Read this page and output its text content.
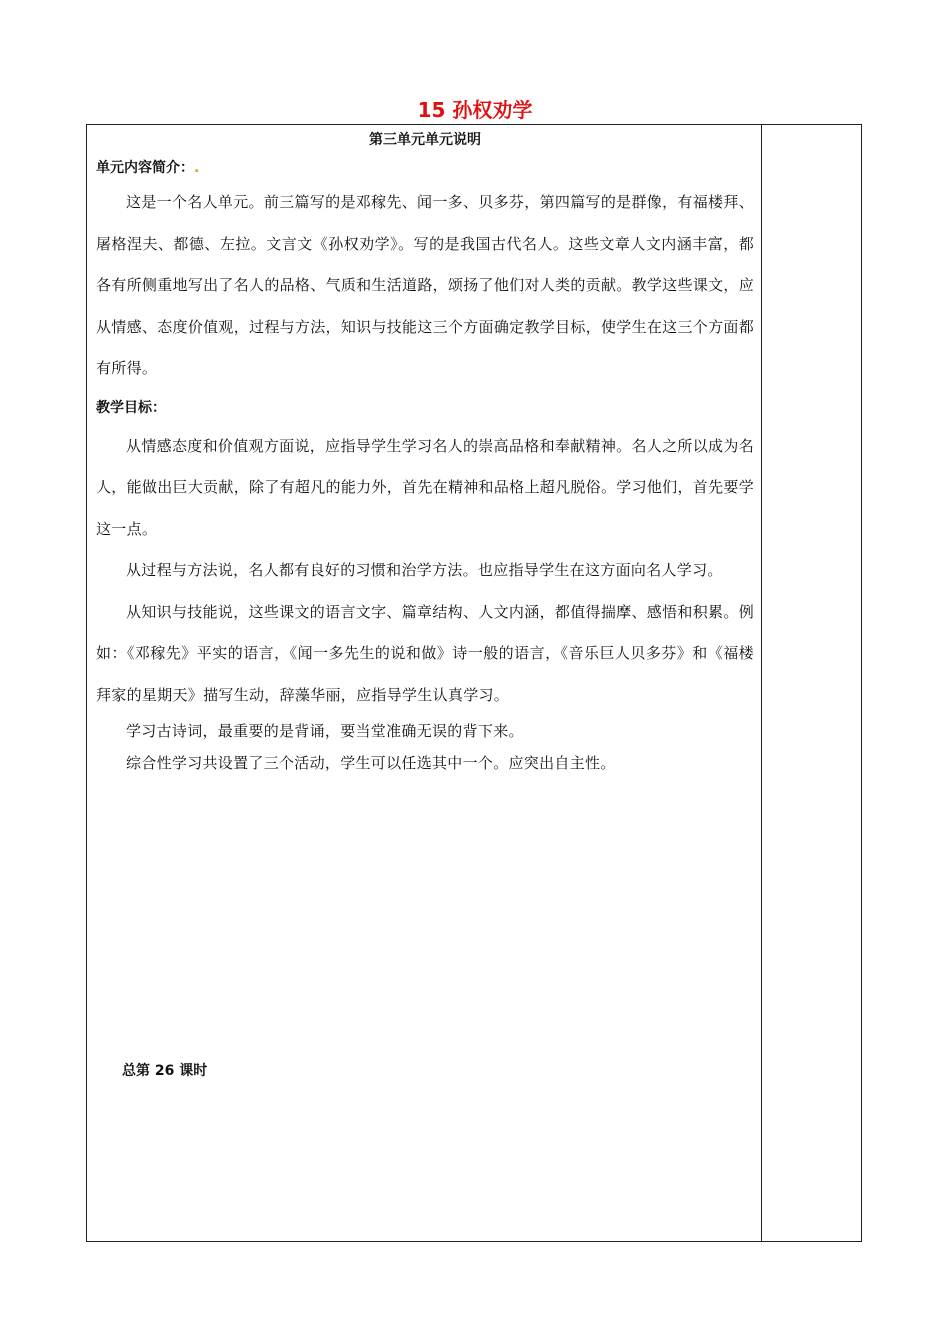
15 孙权劝学
第三单元单元说明
单元内容简介：.

这是一个名人单元。前三篇写的是邓稼先、闻一多、贝多芬，第四篇写的是群像，有福楼拜、屠格涅夫、都德、左拉。文言文《孙权劝学》。写的是我国古代名人。这些文章人文内涵丰富，都各有所侧重地写出了名人的品格、气质和生活道路，颂扬了他们对人类的贡献。教学这些课文，应从情感、态度价值观，过程与方法，知识与技能这三个方面确定教学目标，使学生在这三个方面都有所得。

教学目标：

从情感态度和价值观方面说，应指导学生学习名人的崇高品格和奉献精神。名人之所以成为名人，能做出巨大贡献，除了有超凡的能力外，首先在精神和品格上超凡脱俗。学习他们，首先要学这一点。

从过程与方法说，名人都有良好的习惯和治学方法。也应指导学生在这方面向名人学习。

从知识与技能说，这些课文的语言文字、篇章结构、人文内涵，都值得揣摩、感悟和积累。例如：《邓稼先》平实的语言，《闻一多先生的说和做》诗一般的语言，《音乐巨人贝多芬》和《福楼拜家的星期天》描写生动，辞藻华丽，应指导学生认真学习。

学习古诗词，最重要的是背诵，要当堂准确无误的背下来。

综合性学习共设置了三个活动，学生可以任选其中一个。应突出自主性。

总第 26 课时
